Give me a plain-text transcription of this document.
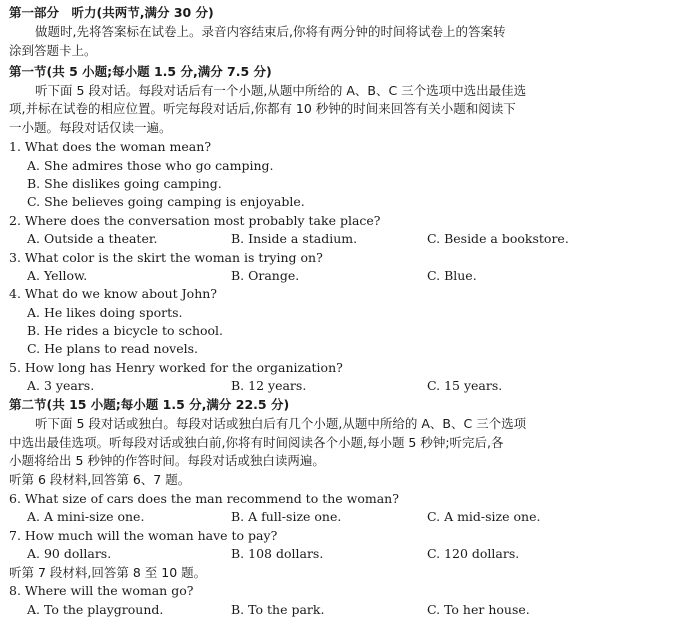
第一部分　听力(共两节,满分 30 分)
做题时,先将答案标在试卷上。录音内容结束后,你将有两分钟的时间将试卷上的答案转
涂到答题卡上。
第一节(共 5 小题;每小题 1.5 分,满分 7.5 分)
听下面 5 段对话。每段对话后有一个小题,从题中所给的 A、B、C 三个选项中选出最佳选
项,并标在试卷的相应位置。听完每段对话后,你都有 10 秒钟的时间来回答有关小题和阅读下
一小题。每段对话仅读一遍。
1. What does the woman mean?
A. She admires those who go camping.
B. She dislikes going camping.
C. She believes going camping is enjoyable.
2. Where does the conversation most probably take place?
A. Outside a theater.	B. Inside a stadium.	C. Beside a bookstore.
3. What color is the skirt the woman is trying on?
A. Yellow.	B. Orange.	C. Blue.
4. What do we know about John?
A. He likes doing sports.
B. He rides a bicycle to school.
C. He plans to read novels.
5. How long has Henry worked for the organization?
A. 3 years.	B. 12 years.	C. 15 years.
第二节(共 15 小题;每小题 1.5 分,满分 22.5 分)
听下面 5 段对话或独白。每段对话或独白后有几个小题,从题中所给的 A、B、C 三个选项
中选出最佳选项。听每段对话或独白前,你将有时间阅读各个小题,每小题 5 秒钟;听完后,各
小题将给出 5 秒钟的作答时间。每段对话或独白读两遍。
听第 6 段材料,回答第 6、7 题。
6. What size of cars does the man recommend to the woman?
A. A mini-size one.	B. A full-size one.	C. A mid-size one.
7. How much will the woman have to pay?
A. 90 dollars.	B. 108 dollars.	C. 120 dollars.
听第 7 段材料,回答第 8 至 10 题。
8. Where will the woman go?
A. To the playground.	B. To the park.	C. To her house.
